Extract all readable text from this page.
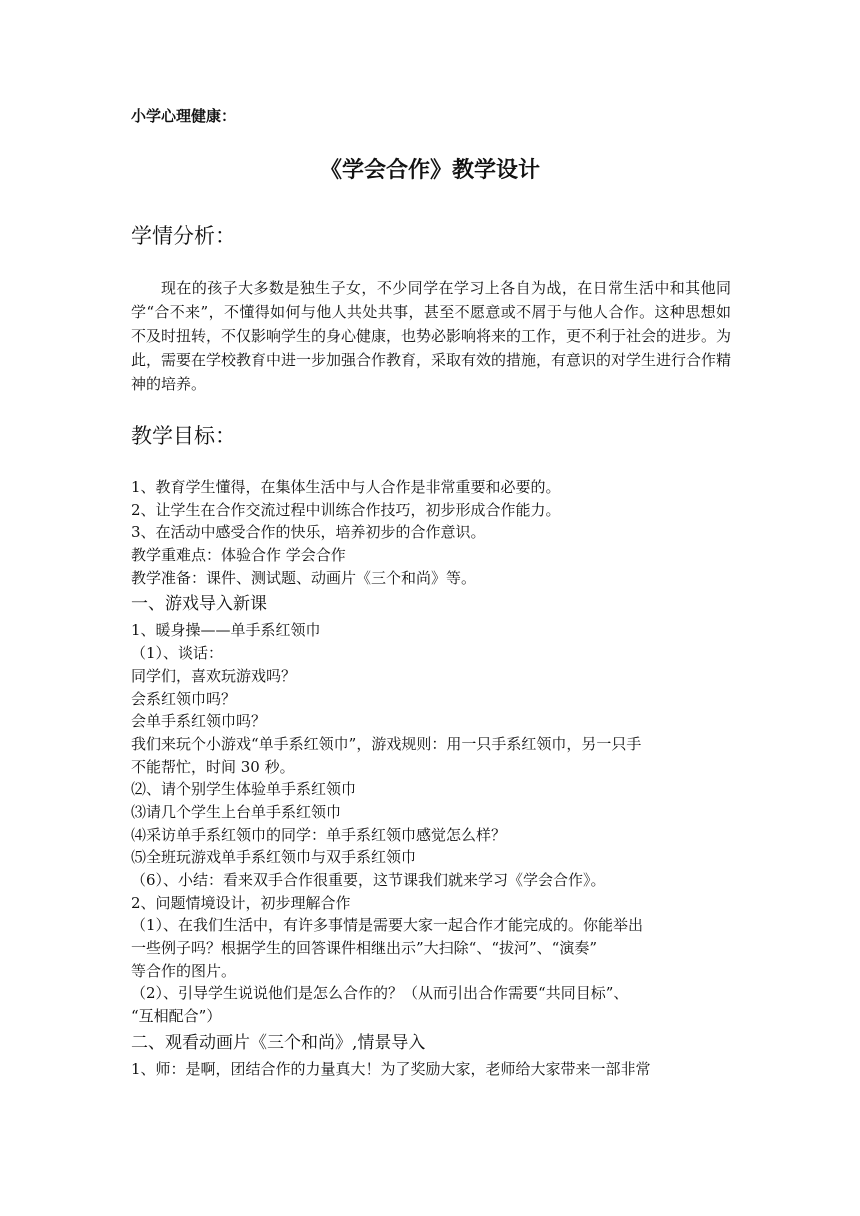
小学心理健康：
《学会合作》教学设计
学情分析：

现在的孩子大多数是独生子女，不少同学在学习上各自为战，在日常生活中和其他同学“合不来”，不懂得如何与他人共处共事，甚至不愿意或不屑于与他人合作。这种思想如不及时扭转，不仅影响学生的身心健康，也势必影响将来的工作，更不利于社会的进步。为此，需要在学校教育中进一步加强合作教育，采取有效的措施，有意识的对学生进行合作精神的培养。

教学目标：
1、教育学生懂得，在集体生活中与人合作是非常重要和必要的。
2、让学生在合作交流过程中训练合作技巧，初步形成合作能力。
3、在活动中感受合作的快乐，培养初步的合作意识。
教学重难点：体验合作 学会合作
教学准备：课件、测试题、动画片《三个和尚》等。
一、游戏导入新课
1、暖身操——单手系红领巾
（1）、谈话：
同学们，喜欢玩游戏吗？
会系红领巾吗？
会单手系红领巾吗？
我们来玩个小游戏“单手系红领巾”，游戏规则：用一只手系红领巾，另一只手
不能帮忙，时间 30 秒。
⑵、请个别学生体验单手系红领巾
⑶请几个学生上台单手系红领巾
⑷采访单手系红领巾的同学：单手系红领巾感觉怎么样？
⑸全班玩游戏单手系红领巾与双手系红领巾
（6）、小结：看来双手合作很重要，这节课我们就来学习《学会合作》。
2、问题情境设计，初步理解合作
（1）、在我们生活中，有许多事情是需要大家一起合作才能完成的。你能举出
一些例子吗？根据学生的回答课件相继出示”大扫除“、“拔河”、“演奏”
等合作的图片。
（2）、引导学生说说他们是怎么合作的？（从而引出合作需要“共同目标”、
“互相配合”）
二、观看动画片《三个和尚》,情景导入
1、师：是啊，团结合作的力量真大！为了奖励大家，老师给大家带来一部非常
